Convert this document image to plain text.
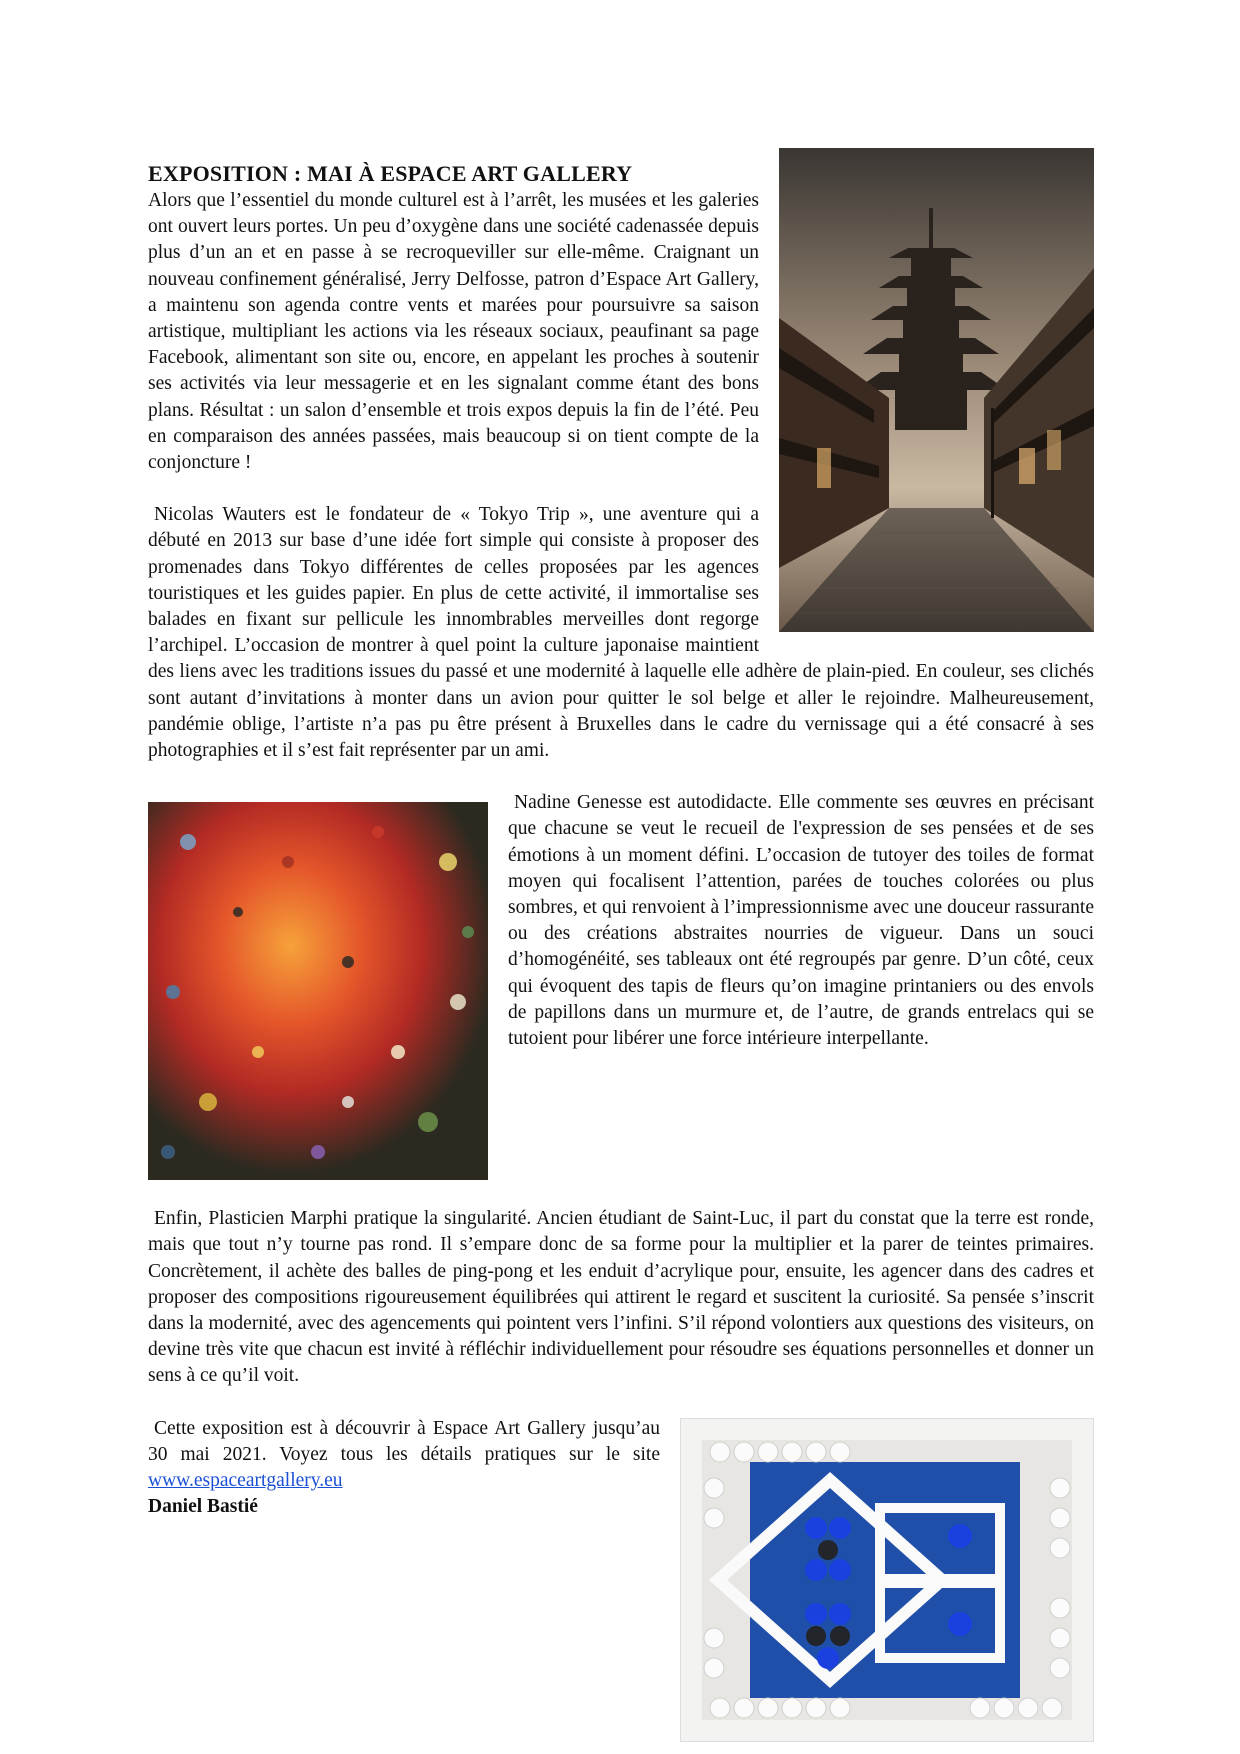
EXPOSITION : MAI À ESPACE ART GALLERY

Alors que l’essentiel du monde culturel est à l’arrêt, les musées et les galeries ont ouvert leurs portes. Un peu d’oxygène dans une société cadenassée depuis plus d’un an et en passe à se recroqueviller sur elle-même. Craignant un nouveau confinement généralisé, Jerry Delfosse, patron d’Espace Art Gallery, a maintenu son agenda contre vents et marées pour poursuivre sa saison artistique, multipliant les actions via les réseaux sociaux, peaufinant sa page Facebook, alimentant son site ou, encore, en appelant les proches à soutenir ses activités via leur messagerie et en les signalant comme étant des bons plans. Résultat : un salon d’ensemble et trois expos depuis la fin de l’été. Peu en comparaison des années passées, mais beaucoup si on tient compte de la conjoncture !

Nicolas Wauters est le fondateur de « Tokyo Trip », une aventure qui a débuté en 2013 sur base d’une idée fort simple qui consiste à proposer des promenades dans Tokyo différentes de celles proposées par les agences touristiques et les guides papier. En plus de cette activité, il immortalise ses balades en fixant sur pellicule les innombrables merveilles dont regorge l’archipel. L’occasion de montrer à quel point la culture japonaise maintient des liens avec les traditions issues du passé et une modernité à laquelle elle adhère de plain-pied. En couleur, ses clichés sont autant d’invitations à monter dans un avion pour quitter le sol belge et aller le rejoindre. Malheureusement, pandémie oblige, l’artiste n’a pas pu être présent à Bruxelles dans le cadre du vernissage qui a été consacré à ses photographies et il s’est fait représenter par un ami.

Nadine Genesse est autodidacte. Elle commente ses œuvres en précisant que chacune se veut le recueil de l'expression de ses pensées et de ses émotions à un moment défini. L’occasion de tutoyer des toiles de format moyen qui focalisent l’attention, parées de touches colorées ou plus sombres, et qui renvoient à l’impressionnisme avec une douceur rassurante ou des créations abstraites nourries de vigueur. Dans un souci d’homogénéité, ses tableaux ont été regroupés par genre. D’un côté, ceux qui évoquent des tapis de fleurs qu’on imagine printaniers ou des envols de papillons dans un murmure et, de l’autre, de grands entrelacs qui se tutoient pour libérer une force intérieure interpellante.

Enfin, Plasticien Marphi pratique la singularité. Ancien étudiant de Saint-Luc, il part du constat que la terre est ronde, mais que tout n’y tourne pas rond. Il s’empare donc de sa forme pour la multiplier et la parer de teintes primaires. Concrètement, il achète des balles de ping-pong et les enduit d’acrylique pour, ensuite, les agencer dans des cadres et proposer des compositions rigoureusement équilibrées qui attirent le regard et suscitent la curiosité. Sa pensée s’inscrit dans la modernité, avec des agencements qui pointent vers l’infini. S’il répond volontiers aux questions des visiteurs, on devine très vite que chacun est invité à réfléchir individuellement pour résoudre ses équations personnelles et donner un sens à ce qu’il voit.

Cette exposition est à découvrir à Espace Art Gallery jusqu’au 30 mai 2021. Voyez tous les détails pratiques sur le site www.espaceartgallery.eu

Daniel Bastié
